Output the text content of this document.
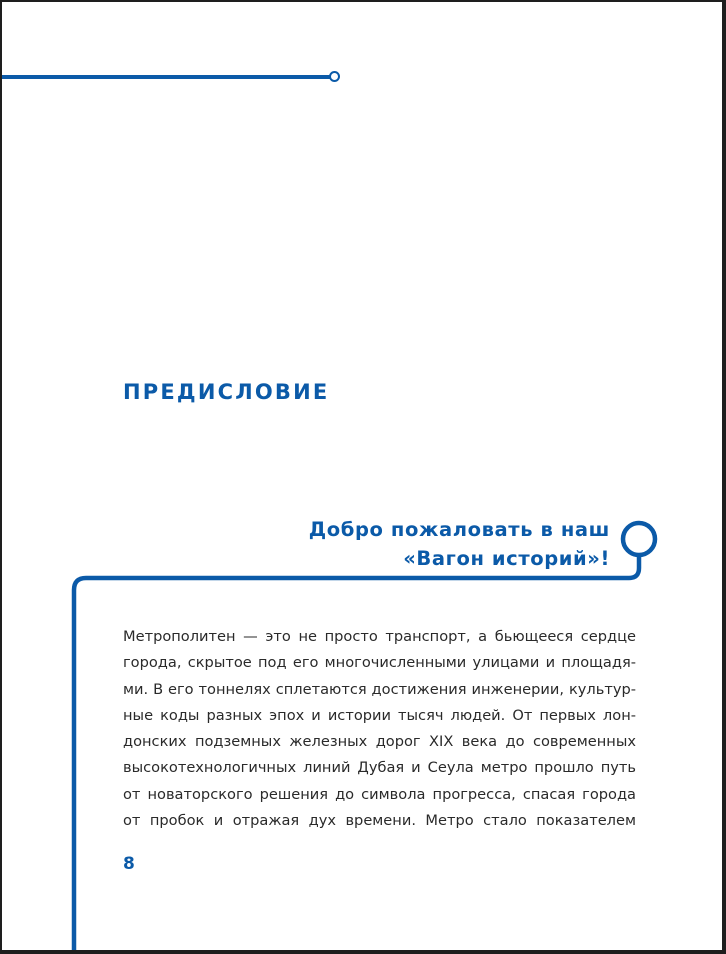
ПРЕДИСЛОВИЕ
Добро пожаловать в наш
«Вагон историй»!
Метрополитен — это не просто транспорт, а бьющееся сердце
города, скрытое под его многочисленными улицами и площадя-
ми. В его тоннелях сплетаются достижения инженерии, культур-
ные коды разных эпох и истории тысяч людей. От первых лон-
донских подземных железных дорог XIX века до современных
высокотехнологичных линий Дубая и Сеула метро прошло путь
от новаторского решения до символа прогресса, спасая города
от пробок и отражая дух времени. Метро стало показателем
8
